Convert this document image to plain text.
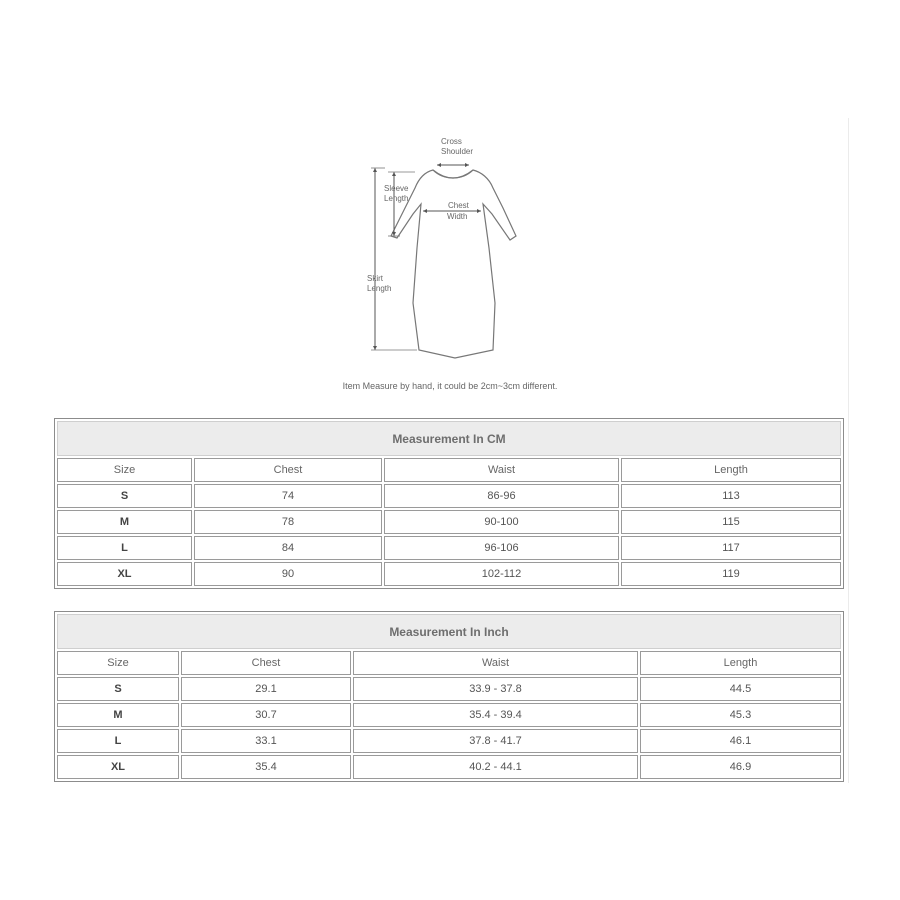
Cross
Shoulder
Sleeve
Length
Chest
Width
Skirt
Length
Item Measure by hand, it could be 2cm~3cm different.
Measurement In CM			
Size	Chest	Waist	Length
S	74	86-96	113
M	78	90-100	115
L	84	96-106	117
XL	90	102-112	119
Measurement In Inch			
Size	Chest	Waist	Length
S	29.1	33.9 - 37.8	44.5
M	30.7	35.4 - 39.4	45.3
L	33.1	37.8 - 41.7	46.1
XL	35.4	40.2 - 44.1	46.9
